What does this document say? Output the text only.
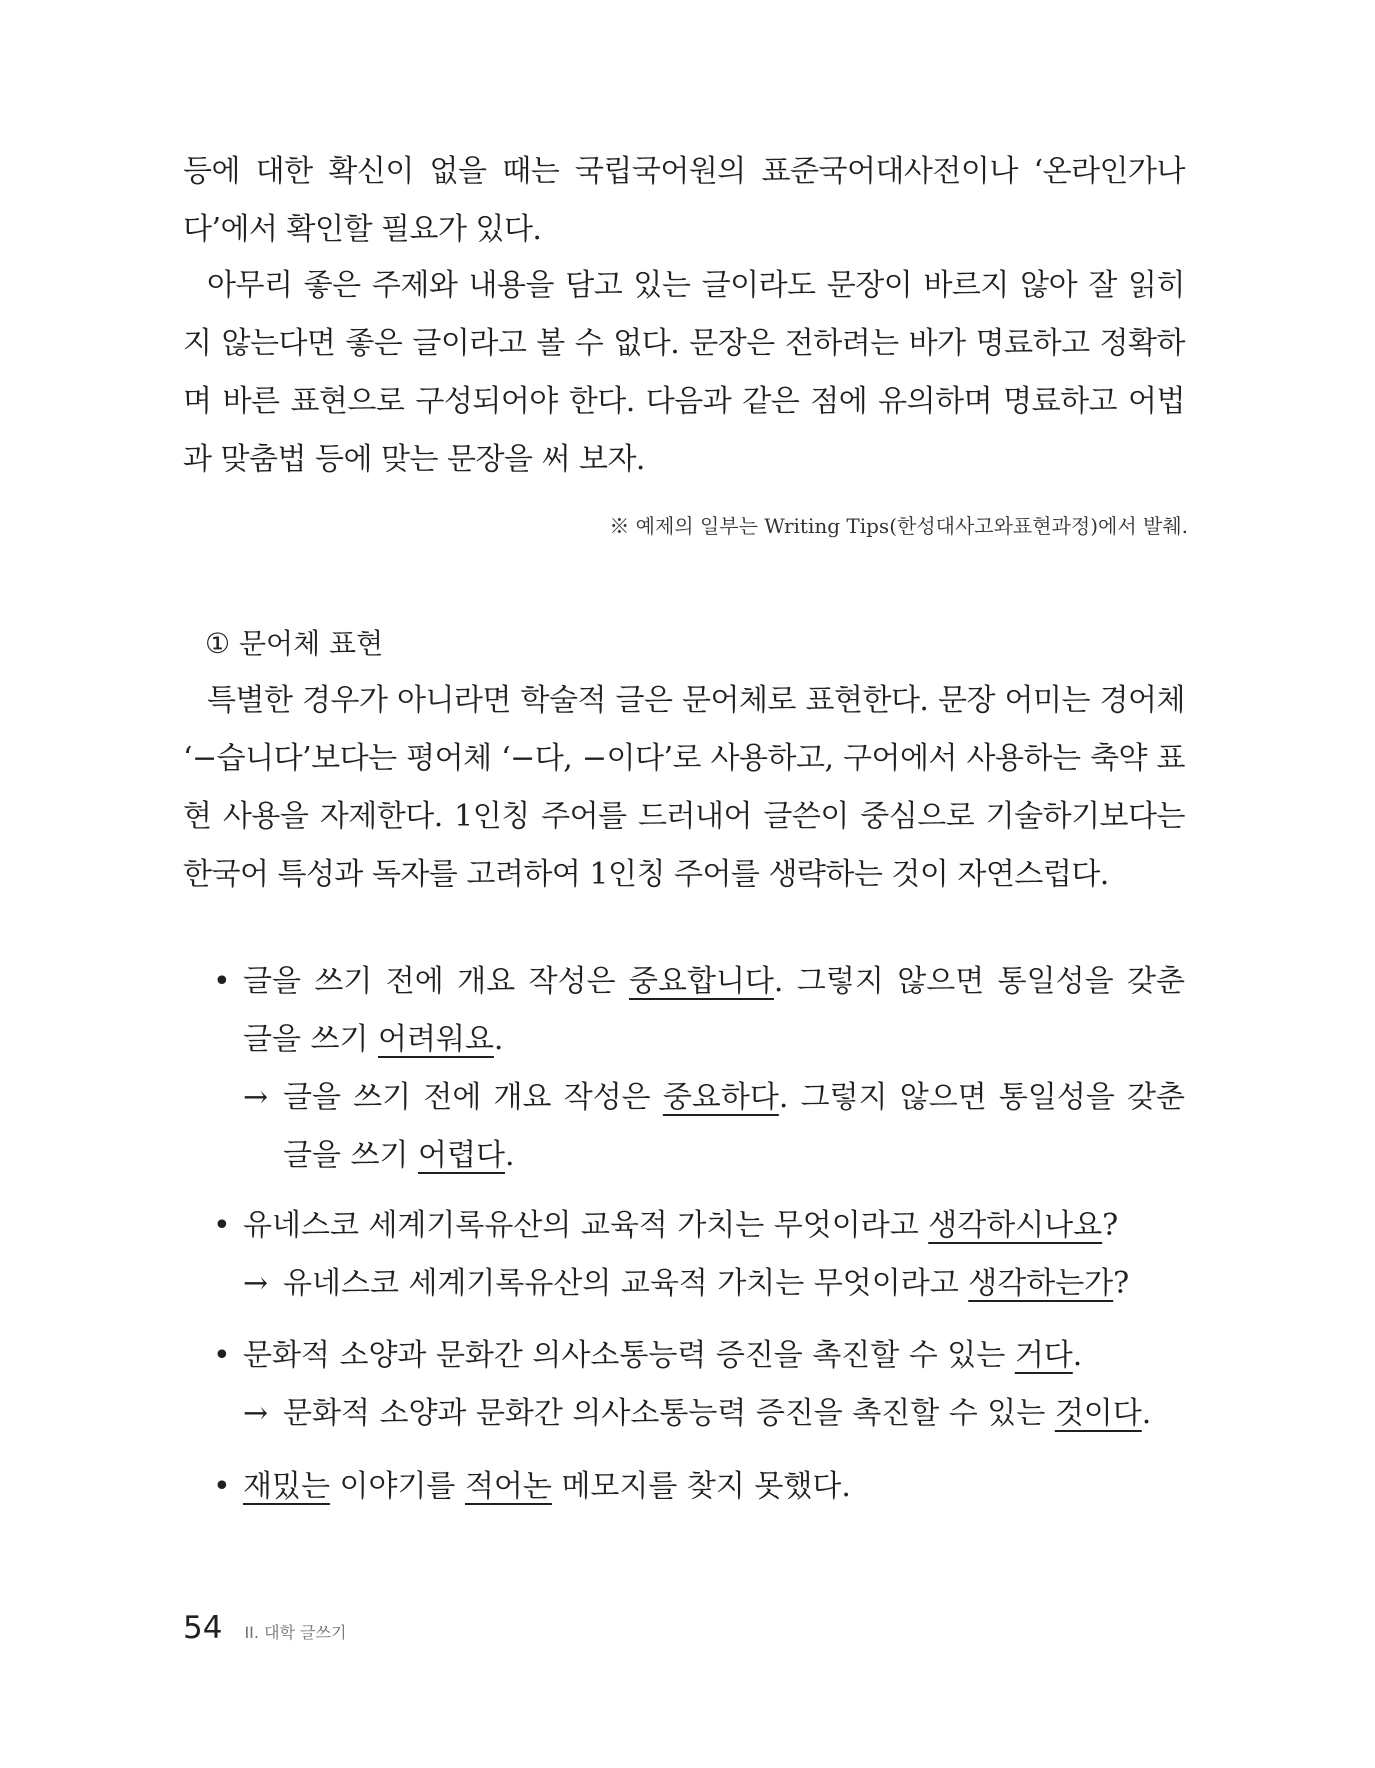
등에 대한 확신이 없을 때는 국립국어원의 표준국어대사전이나 ‘온라인가나다’에서 확인할 필요가 있다.

아무리 좋은 주제와 내용을 담고 있는 글이라도 문장이 바르지 않아 잘 읽히지 않는다면 좋은 글이라고 볼 수 없다. 문장은 전하려는 바가 명료하고 정확하며 바른 표현으로 구성되어야 한다. 다음과 같은 점에 유의하며 명료하고 어법과 맞춤법 등에 맞는 문장을 써 보자.

※ 예제의 일부는 Writing Tips(한성대사고와표현과정)에서 발췌.

① 문어체 표현

특별한 경우가 아니라면 학술적 글은 문어체로 표현한다. 문장 어미는 경어체 ‘−습니다’보다는 평어체 ‘−다, −이다’로 사용하고, 구어에서 사용하는 축약 표현 사용을 자제한다. 1인칭 주어를 드러내어 글쓴이 중심으로 기술하기보다는 한국어 특성과 독자를 고려하여 1인칭 주어를 생략하는 것이 자연스럽다.

• 글을 쓰기 전에 개요 작성은 중요합니다. 그렇지 않으면 통일성을 갖춘 글을 쓰기 어려워요.
→ 글을 쓰기 전에 개요 작성은 중요하다. 그렇지 않으면 통일성을 갖춘 글을 쓰기 어렵다.
• 유네스코 세계기록유산의 교육적 가치는 무엇이라고 생각하시나요?
→ 유네스코 세계기록유산의 교육적 가치는 무엇이라고 생각하는가?
• 문화적 소양과 문화간 의사소통능력 증진을 촉진할 수 있는 거다.
→ 문화적 소양과 문화간 의사소통능력 증진을 촉진할 수 있는 것이다.
• 재밌는 이야기를 적어논 메모지를 찾지 못했다.
54 II. 대학 글쓰기
